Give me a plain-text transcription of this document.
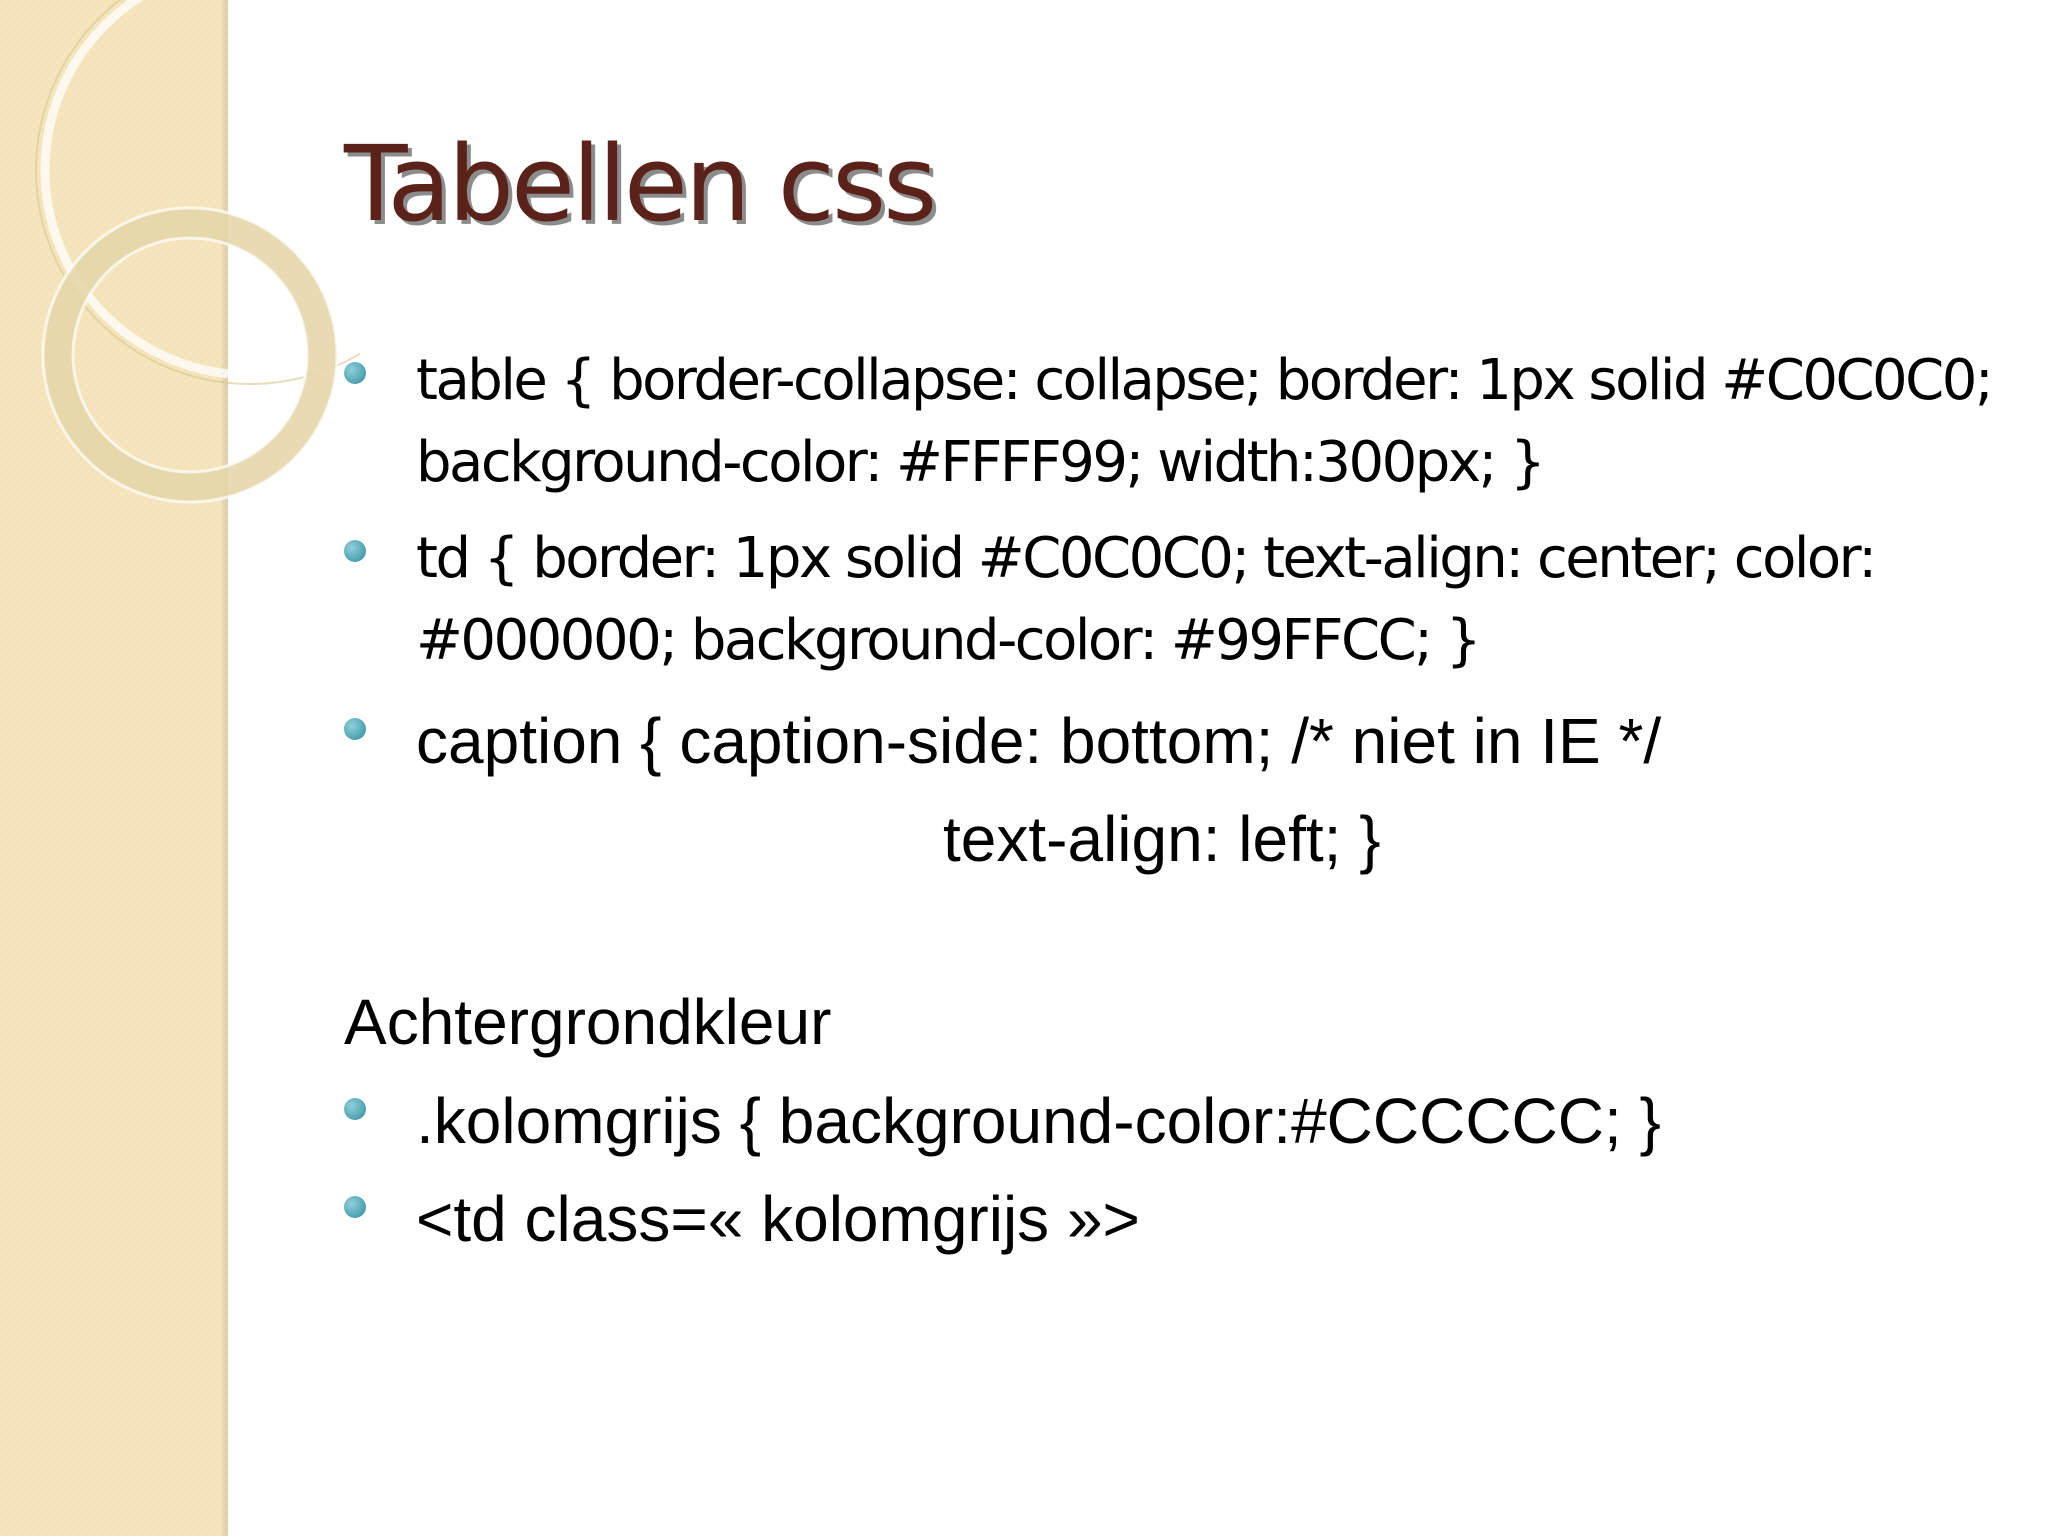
Tabellen css
table { border-collapse: collapse; border: 1px solid #C0C0C0; background-color: #FFFF99; width:300px; }
td { border: 1px solid #C0C0C0; text-align: center; color: #000000; background-color: #99FFCC; }
caption { caption-side: bottom; /* niet in IE */
text-align: left; }

Achtergrondkleur

.kolomgrijs { background-color:#CCCCCC; }
<td class=« kolomgrijs »>
